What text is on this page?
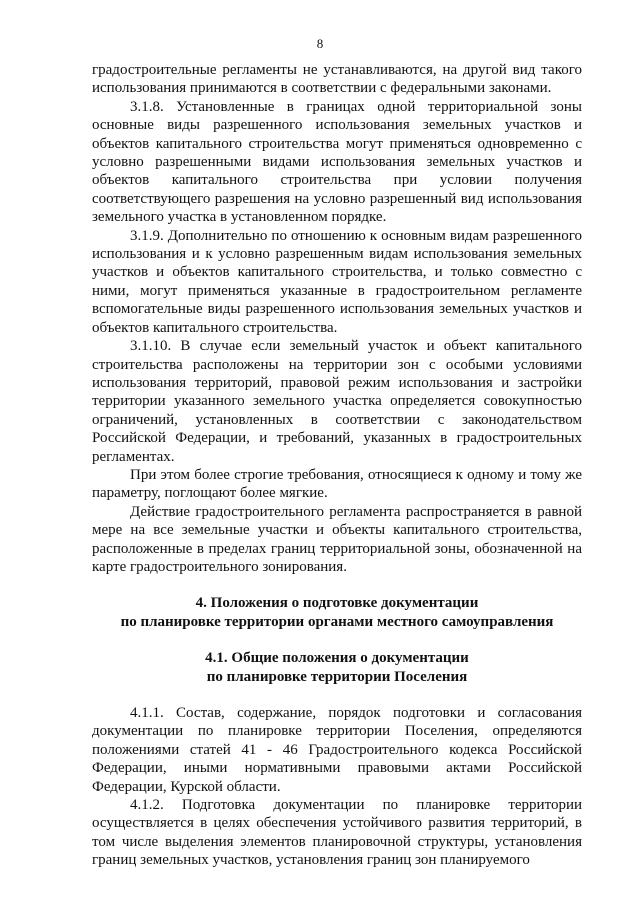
8

градостроительные регламенты не устанавливаются, на другой вид такого использования принимаются в соответствии с федеральными законами.

3.1.8. Установленные в границах одной территориальной зоны основные виды разрешенного использования земельных участков и объектов капитального строительства могут применяться одновременно с условно разрешенными видами использования земельных участков и объектов капитального строительства при условии получения соответствующего разрешения на условно разрешенный вид использования земельного участка в установленном порядке.

3.1.9. Дополнительно по отношению к основным видам разрешенного использования и к условно разрешенным видам использования земельных участков и объектов капитального строительства, и только совместно с ними, могут применяться указанные в градостроительном регламенте вспомогательные виды разрешенного использования земельных участков и объектов капитального строительства.

3.1.10. В случае если земельный участок и объект капитального строительства расположены на территории зон с особыми условиями использования территорий, правовой режим использования и застройки территории указанного земельного участка определяется совокупностью ограничений, установленных в соответствии с законодательством Российской Федерации, и требований, указанных в градостроительных регламентах.

При этом более строгие требования, относящиеся к одному и тому же параметру, поглощают более мягкие.

Действие градостроительного регламента распространяется в равной мере на все земельные участки и объекты капитального строительства, расположенные в пределах границ территориальной зоны, обозначенной на карте градостроительного зонирования.

4. Положения о подготовке документации
по планировке территории органами местного самоуправления

4.1. Общие положения о документации
по планировке территории Поселения

4.1.1. Состав, содержание, порядок подготовки и согласования документации по планировке территории Поселения, определяются положениями статей 41 - 46 Градостроительного кодекса Российской Федерации, иными нормативными правовыми актами Российской Федерации, Курской области.

4.1.2. Подготовка документации по планировке территории осуществляется в целях обеспечения устойчивого развития территорий, в том числе выделения элементов планировочной структуры, установления границ земельных участков, установления границ зон планируемого
